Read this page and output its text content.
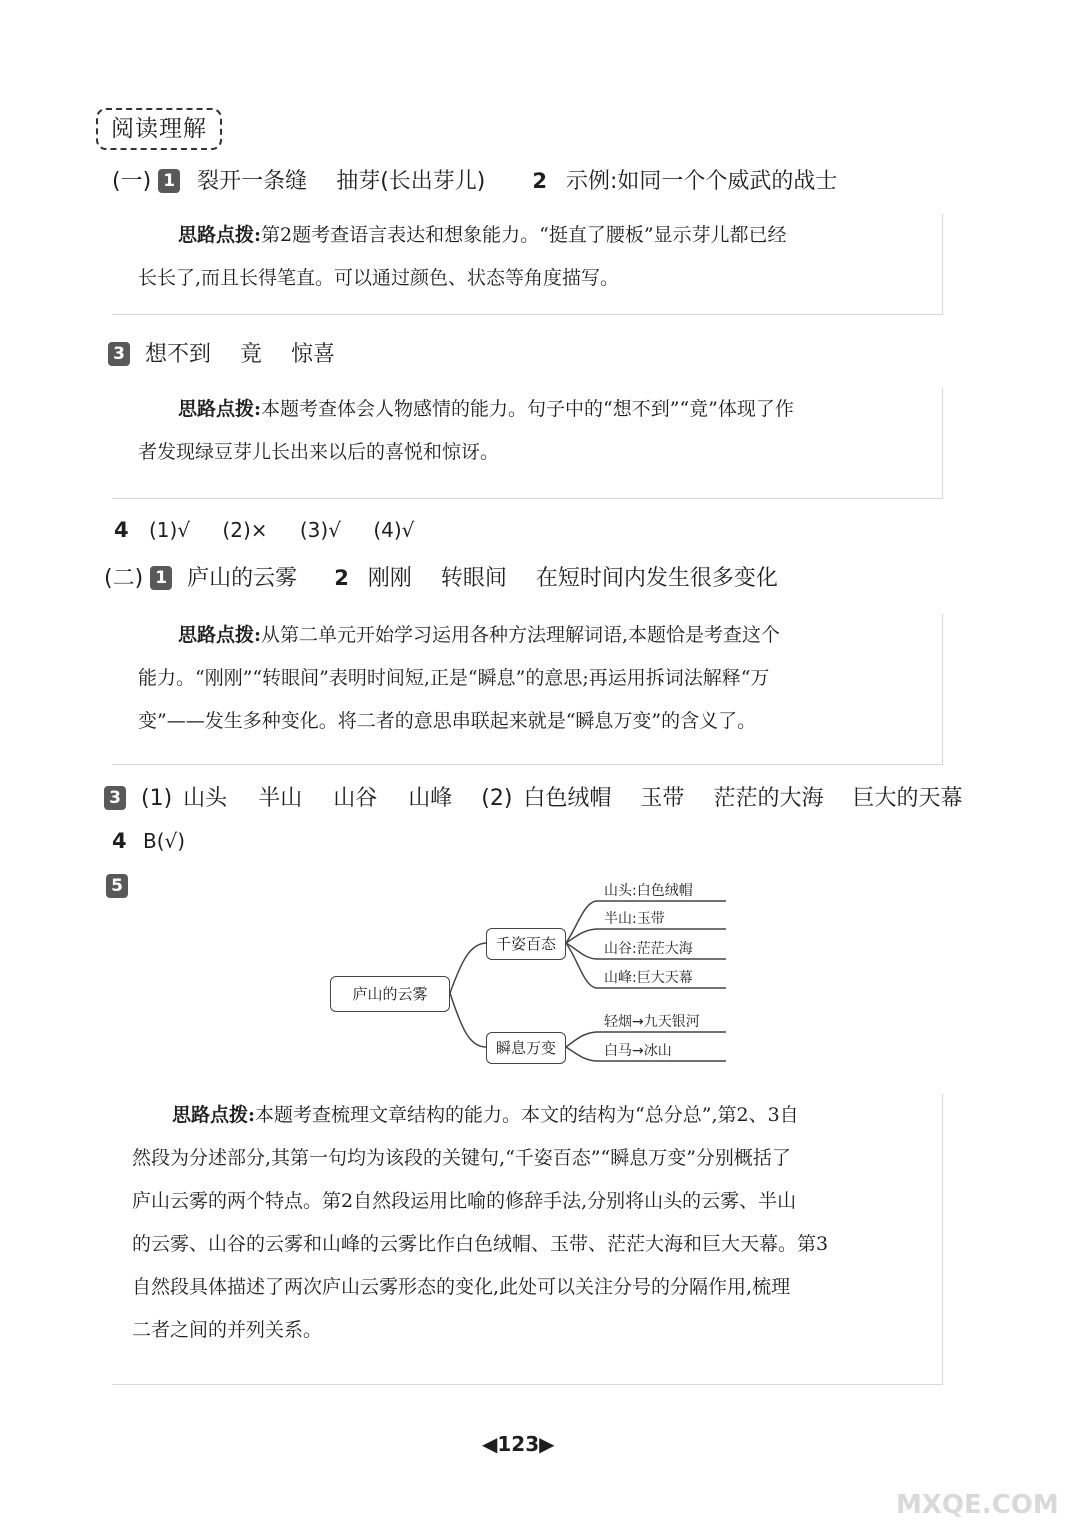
阅读理解
(一) 1 裂开一条缝 抽芽(长出芽儿) 2 示例:如同一个个威武的战士
思路点拨:第2题考查语言表达和想象能力。“挺直了腰板”显示芽儿都已经
长长了,而且长得笔直。可以通过颜色、状态等角度描写。
3 想不到 竟 惊喜
思路点拨:本题考查体会人物感情的能力。句子中的“想不到”“竟”体现了作
者发现绿豆芽儿长出来以后的喜悦和惊讶。
4 (1)√ (2)× (3)√ (4)√
(二) 1 庐山的云雾 2 刚刚 转眼间 在短时间内发生很多变化
思路点拨:从第二单元开始学习运用各种方法理解词语,本题恰是考查这个
能力。“刚刚”“转眼间”表明时间短,正是“瞬息”的意思;再运用拆词法解释“万
变”——发生多种变化。将二者的意思串联起来就是“瞬息万变”的含义了。
3 (1) 山头 半山 山谷 山峰 (2) 白色绒帽 玉带 茫茫的大海 巨大的天幕
4 B(√)
5
庐山的云雾
千姿百态
瞬息万变
山头:白色绒帽
半山:玉带
山谷:茫茫大海
山峰:巨大天幕
轻烟→九天银河
白马→冰山
思路点拨:本题考查梳理文章结构的能力。本文的结构为“总分总”,第2、3自
然段为分述部分,其第一句均为该段的关键句,“千姿百态”“瞬息万变”分别概括了
庐山云雾的两个特点。第2自然段运用比喻的修辞手法,分别将山头的云雾、半山
的云雾、山谷的云雾和山峰的云雾比作白色绒帽、玉带、茫茫大海和巨大天幕。第3
自然段具体描述了两次庐山云雾形态的变化,此处可以关注分号的分隔作用,梳理
二者之间的并列关系。
◀123▶
MXQE.COM
